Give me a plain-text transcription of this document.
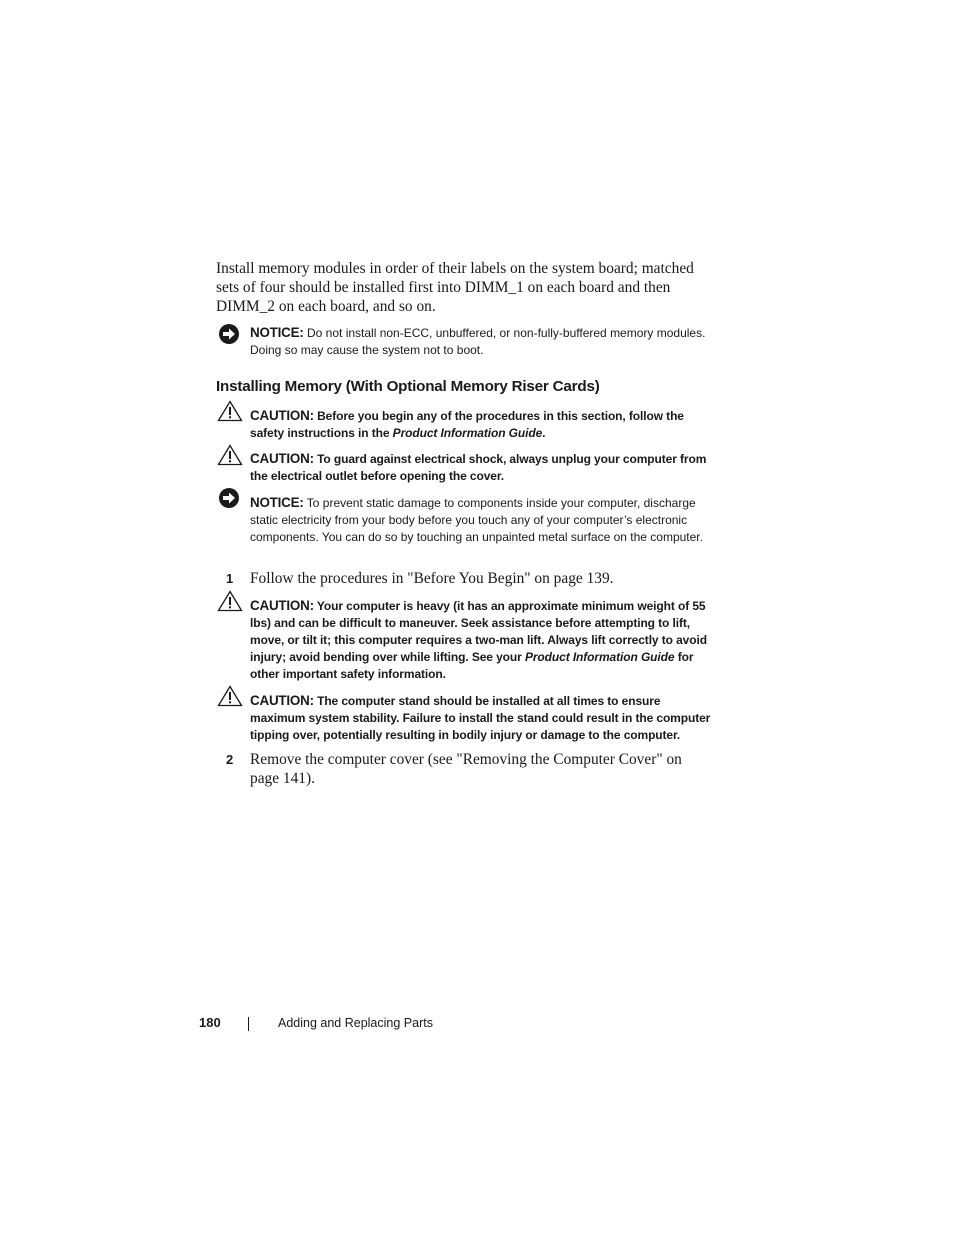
Install memory modules in order of their labels on the system board; matched sets of four should be installed first into DIMM_1 on each board and then DIMM_2 on each board, and so on.

NOTICE: Do not install non-ECC, unbuffered, or non-fully-buffered memory modules. Doing so may cause the system not to boot.

Installing Memory (With Optional Memory Riser Cards)

CAUTION: Before you begin any of the procedures in this section, follow the safety instructions in the Product Information Guide.

CAUTION: To guard against electrical shock, always unplug your computer from the electrical outlet before opening the cover.

NOTICE: To prevent static damage to components inside your computer, discharge static electricity from your body before you touch any of your computer’s electronic components. You can do so by touching an unpainted metal surface on the computer.

1 Follow the procedures in "Before You Begin" on page 139.

CAUTION: Your computer is heavy (it has an approximate minimum weight of 55 lbs) and can be difficult to maneuver. Seek assistance before attempting to lift, move, or tilt it; this computer requires a two-man lift. Always lift correctly to avoid injury; avoid bending over while lifting. See your Product Information Guide for other important safety information.

CAUTION: The computer stand should be installed at all times to ensure maximum system stability. Failure to install the stand could result in the computer tipping over, potentially resulting in bodily injury or damage to the computer.

2 Remove the computer cover (see "Removing the Computer Cover" on page 141).

180	Adding and Replacing Parts
